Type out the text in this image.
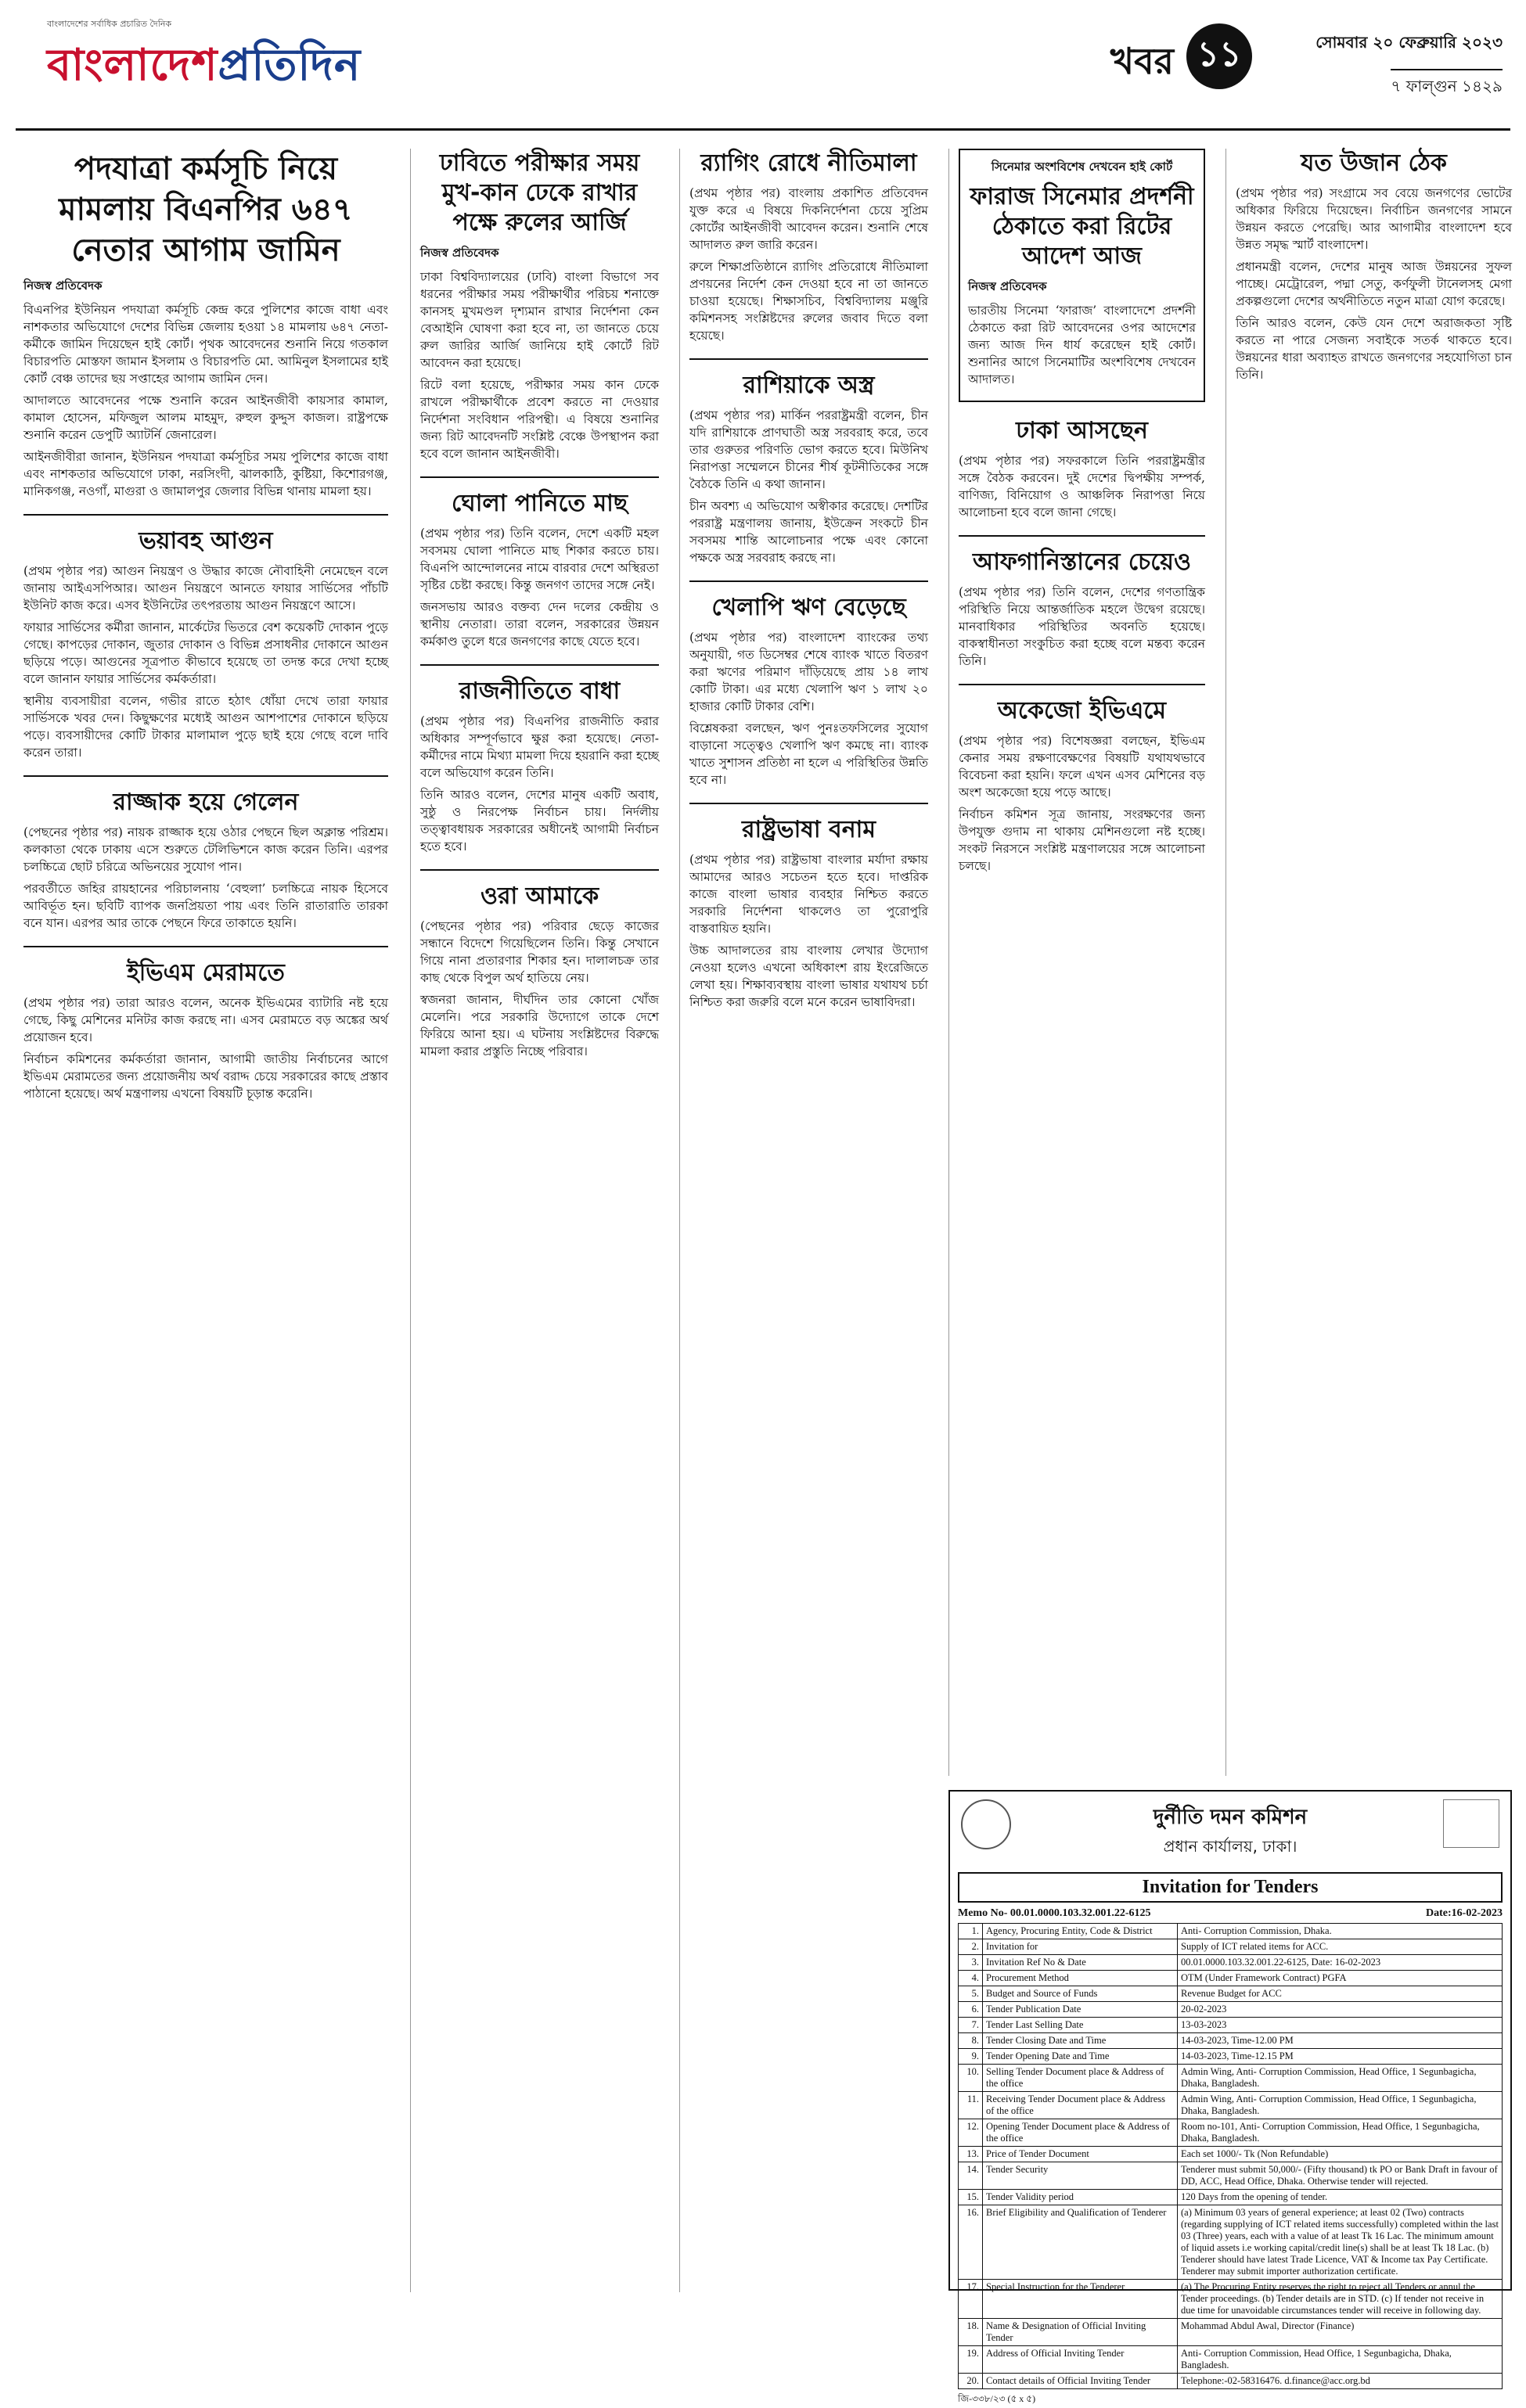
বাংলাদেশের সর্বাধিক প্রচারিত দৈনিক
বাংলাদেশপ্রতিদিন	খবর ১১	সোমবার ২০ ফেব্রুয়ারি ২০২৩
৭ ফাল্গুন ১৪২৯
পদযাত্রা কর্মসূচি নিয়ে মামলায় বিএনপির ৬৪৭ নেতার আগাম জামিন
নিজস্ব প্রতিবেদক

বিএনপির ইউনিয়ন পদযাত্রা কর্মসূচি কেন্দ্র করে পুলিশের কাজে বাধা এবং নাশকতার অভিযোগে দেশের বিভিন্ন জেলায় হওয়া ১৪ মামলায় ৬৪৭ নেতা-কর্মীকে জামিন দিয়েছেন হাই কোর্ট। পৃথক আবেদনের শুনানি নিয়ে গতকাল বিচারপতি মোস্তফা জামান ইসলাম ও বিচারপতি মো. আমিনুল ইসলামের হাই কোর্ট বেঞ্চ তাদের ছয় সপ্তাহের আগাম জামিন দেন।

আদালতে আবেদনের পক্ষে শুনানি করেন আইনজীবী কায়সার কামাল, কামাল হোসেন, মফিজুল আলম মাহমুদ, রুহুল কুদ্দুস কাজল। রাষ্ট্রপক্ষে শুনানি করেন ডেপুটি অ্যাটর্নি জেনারেল।

আইনজীবীরা জানান, ইউনিয়ন পদযাত্রা কর্মসূচির সময় পুলিশের কাজে বাধা এবং নাশকতার অভিযোগে ঢাকা, নরসিংদী, ঝালকাঠি, কুষ্টিয়া, কিশোরগঞ্জ, মানিকগঞ্জ, নওগাঁ, মাগুরা ও জামালপুর জেলার বিভিন্ন থানায় মামলা হয়।

ভয়াবহ আগুন

(প্রথম পৃষ্ঠার পর) আগুন নিয়ন্ত্রণ ও উদ্ধার কাজে নৌবাহিনী নেমেছেন বলে জানায় আইএসপিআর। আগুন নিয়ন্ত্রণে আনতে ফায়ার সার্ভিসের পাঁচটি ইউনিট কাজ করে। এসব ইউনিটের তৎপরতায় আগুন নিয়ন্ত্রণে আসে।

ফায়ার সার্ভিসের কর্মীরা জানান, মার্কেটের ভিতরে বেশ কয়েকটি দোকান পুড়ে গেছে। কাপড়ের দোকান, জুতার দোকান ও বিভিন্ন প্রসাধনীর দোকানে আগুন ছড়িয়ে পড়ে। আগুনের সূত্রপাত কীভাবে হয়েছে তা তদন্ত করে দেখা হচ্ছে বলে জানান ফায়ার সার্ভিসের কর্মকর্তারা।

স্থানীয় ব্যবসায়ীরা বলেন, গভীর রাতে হঠাৎ ধোঁয়া দেখে তারা ফায়ার সার্ভিসকে খবর দেন। কিছুক্ষণের মধ্যেই আগুন আশপাশের দোকানে ছড়িয়ে পড়ে। ব্যবসায়ীদের কোটি টাকার মালামাল পুড়ে ছাই হয়ে গেছে বলে দাবি করেন তারা।

রাজ্জাক হয়ে গেলেন

(পেছনের পৃষ্ঠার পর) নায়ক রাজ্জাক হয়ে ওঠার পেছনে ছিল অক্লান্ত পরিশ্রম। কলকাতা থেকে ঢাকায় এসে শুরুতে টেলিভিশনে কাজ করেন তিনি। এরপর চলচ্চিত্রে ছোট চরিত্রে অভিনয়ের সুযোগ পান।

পরবর্তীতে জহির রায়হানের পরিচালনায় ‘বেহুলা’ চলচ্চিত্রে নায়ক হিসেবে আবির্ভূত হন। ছবিটি ব্যাপক জনপ্রিয়তা পায় এবং তিনি রাতারাতি তারকা বনে যান। এরপর আর তাকে পেছনে ফিরে তাকাতে হয়নি।

ইভিএম মেরামতে

(প্রথম পৃষ্ঠার পর) তারা আরও বলেন, অনেক ইভিএমের ব্যাটারি নষ্ট হয়ে গেছে, কিছু মেশিনের মনিটর কাজ করছে না। এসব মেরামতে বড় অঙ্কের অর্থ প্রয়োজন হবে।

নির্বাচন কমিশনের কর্মকর্তারা জানান, আগামী জাতীয় নির্বাচনের আগে ইভিএম মেরামতের জন্য প্রয়োজনীয় অর্থ বরাদ্দ চেয়ে সরকারের কাছে প্রস্তাব পাঠানো হয়েছে। অর্থ মন্ত্রণালয় এখনো বিষয়টি চূড়ান্ত করেনি।

ঢাবিতে পরীক্ষার সময় মুখ-কান ঢেকে রাখার পক্ষে রুলের আর্জি
নিজস্ব প্রতিবেদক

ঢাকা বিশ্ববিদ্যালয়ের (ঢাবি) বাংলা বিভাগে সব ধরনের পরীক্ষার সময় পরীক্ষার্থীর পরিচয় শনাক্তে কানসহ মুখমণ্ডল দৃশ্যমান রাখার নির্দেশনা কেন বেআইনি ঘোষণা করা হবে না, তা জানতে চেয়ে রুল জারির আর্জি জানিয়ে হাই কোর্টে রিট আবেদন করা হয়েছে।

রিটে বলা হয়েছে, পরীক্ষার সময় কান ঢেকে রাখলে পরীক্ষার্থীকে প্রবেশ করতে না দেওয়ার নির্দেশনা সংবিধান পরিপন্থী। এ বিষয়ে শুনানির জন্য রিট আবেদনটি সংশ্লিষ্ট বেঞ্চে উপস্থাপন করা হবে বলে জানান আইনজীবী।

ঘোলা পানিতে মাছ

(প্রথম পৃষ্ঠার পর) তিনি বলেন, দেশে একটি মহল সবসময় ঘোলা পানিতে মাছ শিকার করতে চায়। বিএনপি আন্দোলনের নামে বারবার দেশে অস্থিরতা সৃষ্টির চেষ্টা করছে। কিন্তু জনগণ তাদের সঙ্গে নেই।

জনসভায় আরও বক্তব্য দেন দলের কেন্দ্রীয় ও স্থানীয় নেতারা। তারা বলেন, সরকারের উন্নয়ন কর্মকাণ্ড তুলে ধরে জনগণের কাছে যেতে হবে।

রাজনীতিতে বাধা

(প্রথম পৃষ্ঠার পর) বিএনপির রাজনীতি করার অধিকার সম্পূর্ণভাবে ক্ষুণ্ণ করা হয়েছে। নেতা-কর্মীদের নামে মিথ্যা মামলা দিয়ে হয়রানি করা হচ্ছে বলে অভিযোগ করেন তিনি।

তিনি আরও বলেন, দেশের মানুষ একটি অবাধ, সুষ্ঠু ও নিরপেক্ষ নির্বাচন চায়। নির্দলীয় তত্ত্বাবধায়ক সরকারের অধীনেই আগামী নির্বাচন হতে হবে।

ওরা আমাকে

(পেছনের পৃষ্ঠার পর) পরিবার ছেড়ে কাজের সন্ধানে বিদেশে গিয়েছিলেন তিনি। কিন্তু সেখানে গিয়ে নানা প্রতারণার শিকার হন। দালালচক্র তার কাছ থেকে বিপুল অর্থ হাতিয়ে নেয়।

স্বজনরা জানান, দীর্ঘদিন তার কোনো খোঁজ মেলেনি। পরে সরকারি উদ্যোগে তাকে দেশে ফিরিয়ে আনা হয়। এ ঘটনায় সংশ্লিষ্টদের বিরুদ্ধে মামলা করার প্রস্তুতি নিচ্ছে পরিবার।

র‍্যাগিং রোধে নীতিমালা

(প্রথম পৃষ্ঠার পর) বাংলায় প্রকাশিত প্রতিবেদন যুক্ত করে এ বিষয়ে দিকনির্দেশনা চেয়ে সুপ্রিম কোর্টের আইনজীবী আবেদন করেন। শুনানি শেষে আদালত রুল জারি করেন।

রুলে শিক্ষাপ্রতিষ্ঠানে র‍্যাগিং প্রতিরোধে নীতিমালা প্রণয়নের নির্দেশ কেন দেওয়া হবে না তা জানতে চাওয়া হয়েছে। শিক্ষাসচিব, বিশ্ববিদ্যালয় মঞ্জুরি কমিশনসহ সংশ্লিষ্টদের রুলের জবাব দিতে বলা হয়েছে।

রাশিয়াকে অস্ত্র

(প্রথম পৃষ্ঠার পর) মার্কিন পররাষ্ট্রমন্ত্রী বলেন, চীন যদি রাশিয়াকে প্রাণঘাতী অস্ত্র সরবরাহ করে, তবে তার গুরুতর পরিণতি ভোগ করতে হবে। মিউনিখ নিরাপত্তা সম্মেলনে চীনের শীর্ষ কূটনীতিকের সঙ্গে বৈঠকে তিনি এ কথা জানান।

চীন অবশ্য এ অভিযোগ অস্বীকার করেছে। দেশটির পররাষ্ট্র মন্ত্রণালয় জানায়, ইউক্রেন সংকটে চীন সবসময় শান্তি আলোচনার পক্ষে এবং কোনো পক্ষকে অস্ত্র সরবরাহ করছে না।

খেলাপি ঋণ বেড়েছে

(প্রথম পৃষ্ঠার পর) বাংলাদেশ ব্যাংকের তথ্য অনুযায়ী, গত ডিসেম্বর শেষে ব্যাংক খাতে বিতরণ করা ঋণের পরিমাণ দাঁড়িয়েছে প্রায় ১৪ লাখ কোটি টাকা। এর মধ্যে খেলাপি ঋণ ১ লাখ ২০ হাজার কোটি টাকার বেশি।

বিশ্লেষকরা বলছেন, ঋণ পুনঃতফসিলের সুযোগ বাড়ানো সত্ত্বেও খেলাপি ঋণ কমছে না। ব্যাংক খাতে সুশাসন প্রতিষ্ঠা না হলে এ পরিস্থিতির উন্নতি হবে না।

রাষ্ট্রভাষা বনাম

(প্রথম পৃষ্ঠার পর) রাষ্ট্রভাষা বাংলার মর্যাদা রক্ষায় আমাদের আরও সচেতন হতে হবে। দাপ্তরিক কাজে বাংলা ভাষার ব্যবহার নিশ্চিত করতে সরকারি নির্দেশনা থাকলেও তা পুরোপুরি বাস্তবায়িত হয়নি।

উচ্চ আদালতের রায় বাংলায় লেখার উদ্যোগ নেওয়া হলেও এখনো অধিকাংশ রায় ইংরেজিতে লেখা হয়। শিক্ষাব্যবস্থায় বাংলা ভাষার যথাযথ চর্চা নিশ্চিত করা জরুরি বলে মনে করেন ভাষাবিদরা।

সিনেমার অংশবিশেষ দেখবেন হাই কোর্ট
ফারাজ সিনেমার প্রদর্শনী ঠেকাতে করা রিটের আদেশ আজ
নিজস্ব প্রতিবেদক

ভারতীয় সিনেমা ‘ফারাজ’ বাংলাদেশে প্রদর্শনী ঠেকাতে করা রিট আবেদনের ওপর আদেশের জন্য আজ দিন ধার্য করেছেন হাই কোর্ট। শুনানির আগে সিনেমাটির অংশবিশেষ দেখবেন আদালত।

ঢাকা আসছেন

(প্রথম পৃষ্ঠার পর) সফরকালে তিনি পররাষ্ট্রমন্ত্রীর সঙ্গে বৈঠক করবেন। দুই দেশের দ্বিপক্ষীয় সম্পর্ক, বাণিজ্য, বিনিয়োগ ও আঞ্চলিক নিরাপত্তা নিয়ে আলোচনা হবে বলে জানা গেছে।

আফগানিস্তানের চেয়েও

(প্রথম পৃষ্ঠার পর) তিনি বলেন, দেশের গণতান্ত্রিক পরিস্থিতি নিয়ে আন্তর্জাতিক মহলে উদ্বেগ রয়েছে। মানবাধিকার পরিস্থিতির অবনতি হয়েছে। বাকস্বাধীনতা সংকুচিত করা হচ্ছে বলে মন্তব্য করেন তিনি।

অকেজো ইভিএমে

(প্রথম পৃষ্ঠার পর) বিশেষজ্ঞরা বলছেন, ইভিএম কেনার সময় রক্ষণাবেক্ষণের বিষয়টি যথাযথভাবে বিবেচনা করা হয়নি। ফলে এখন এসব মেশিনের বড় অংশ অকেজো হয়ে পড়ে আছে।

নির্বাচন কমিশন সূত্র জানায়, সংরক্ষণের জন্য উপযুক্ত গুদাম না থাকায় মেশিনগুলো নষ্ট হচ্ছে। সংকট নিরসনে সংশ্লিষ্ট মন্ত্রণালয়ের সঙ্গে আলোচনা চলছে।

যত উজান ঠেক

(প্রথম পৃষ্ঠার পর) সংগ্রামে সব বেয়ে জনগণের ভোটের অধিকার ফিরিয়ে দিয়েছেন। নির্বাচিন জনগণের সামনে উন্নয়ন করতে পেরেছি। আর আগামীর বাংলাদেশ হবে উন্নত সমৃদ্ধ স্মার্ট বাংলাদেশ।

প্রধানমন্ত্রী বলেন, দেশের মানুষ আজ উন্নয়নের সুফল পাচ্ছে। মেট্রোরেল, পদ্মা সেতু, কর্ণফুলী টানেলসহ মেগা প্রকল্পগুলো দেশের অর্থনীতিতে নতুন মাত্রা যোগ করেছে।

তিনি আরও বলেন, কেউ যেন দেশে অরাজকতা সৃষ্টি করতে না পারে সেজন্য সবাইকে সতর্ক থাকতে হবে। উন্নয়নের ধারা অব্যাহত রাখতে জনগণের সহযোগিতা চান তিনি।

দুর্নীতি দমন কমিশন
প্রধান কার্যালয়, ঢাকা।
Invitation for Tenders
Memo No- 00.01.0000.103.32.001.22-6125	Date:16-02-2023
1.	Agency, Procuring Entity, Code & District	Anti- Corruption Commission, Dhaka.
2.	Invitation for	Supply of ICT related items for ACC.
3.	Invitation Ref No & Date	00.01.0000.103.32.001.22-6125, Date: 16-02-2023
4.	Procurement Method	OTM (Under Framework Contract) PGFA
5.	Budget and Source of Funds	Revenue Budget for ACC
6.	Tender Publication Date	20-02-2023
7.	Tender Last Selling Date	13-03-2023
8.	Tender Closing Date and Time	14-03-2023, Time-12.00 PM
9.	Tender Opening Date and Time	14-03-2023, Time-12.15 PM
10.	Selling Tender Document place & Address of the office	Admin Wing, Anti- Corruption Commission, Head Office, 1 Segunbagicha, Dhaka, Bangladesh.
11.	Receiving Tender Document place & Address of the office	Admin Wing, Anti- Corruption Commission, Head Office, 1 Segunbagicha, Dhaka, Bangladesh.
12.	Opening Tender Document place & Address of the office	Room no-101, Anti- Corruption Commission, Head Office, 1 Segunbagicha, Dhaka, Bangladesh.
13.	Price of Tender Document	Each set 1000/- Tk (Non Refundable)
14.	Tender Security	Tenderer must submit 50,000/- (Fifty thousand) tk PO or Bank Draft in favour of DD, ACC, Head Office, Dhaka. Otherwise tender will rejected.
15.	Tender Validity period	120 Days from the opening of tender.
16.	Brief Eligibility and Qualification of Tenderer	(a) Minimum 03 years of general experience; at least 02 (Two) contracts (regarding supplying of ICT related items successfully) completed within the last 03 (Three) years, each with a value of at least Tk 16 Lac. The minimum amount of liquid assets i.e working capital/credit line(s) shall be at least Tk 18 Lac. (b) Tenderer should have latest Trade Licence, VAT & Income tax Pay Certificate. Tenderer may submit importer authorization certificate.
17.	Special Instruction for the Tenderer	(a) The Procuring Entity reserves the right to reject all Tenders or annul the Tender proceedings. (b) Tender details are in STD. (c) If tender not receive in due time for unavoidable circumstances tender will receive in following day.
18.	Name & Designation of Official Inviting Tender	Mohammad Abdul Awal, Director (Finance)
19.	Address of Official Inviting Tender	Anti- Corruption Commission, Head Office, 1 Segunbagicha, Dhaka, Bangladesh.
20.	Contact details of Official Inviting Tender	Telephone:-02-58316476. d.finance@acc.org.bd
জি-৩৩৮/২৩ (৫ x ৫)
